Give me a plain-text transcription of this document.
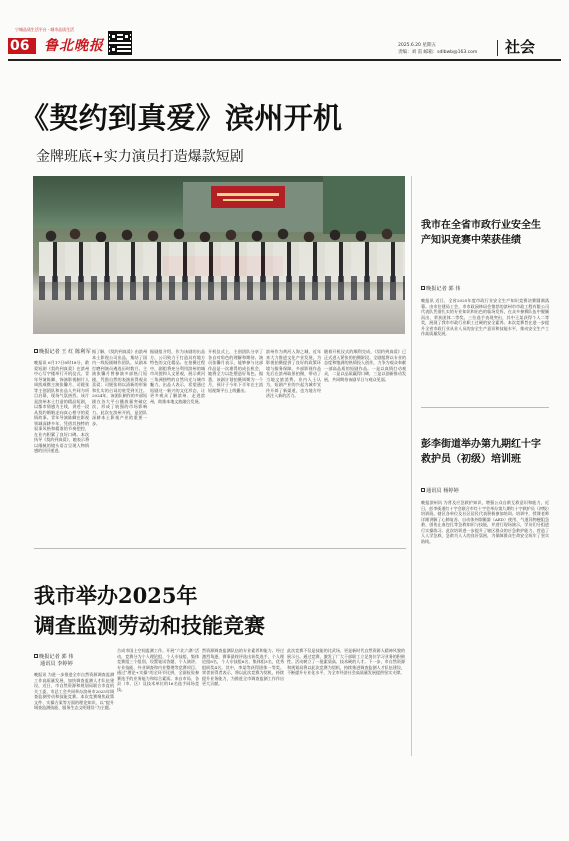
宁城品质生活平台 · 城市品质生活
06 鲁北晚报	2025.6.20 星期五
责编：刘 雷 邮箱：sdlbwb@163.com 社会
《契约到真爱》滨州开机
金牌班底+实力演员打造爆款短剧
晚报记者 王 红 陈利军
晚报讯 6月17日8时18分，敢爱短剧《契约到真爱》在滨州中心写字楼举行开机仪式。青年导演陈卿、饰演影视制片人周凯威携主演张馨月、司媛张等主创团队和出品人共同为项目启幕，现场气氛热烈。该片是滨州本土打造的精品短剧，以都市情感为主线，讲述一段从契约婚姻走向真心相守的爱情故事。青年导演陈卿在影视领域深耕多年，凭借其独特的叙事风格和精准的节奏把控，在业内积累了良好口碑。本次执导《契约到真爱》，她表示将以细腻的镜头语言呈现人物情感的层层递进。
据了解，《契约到真爱》由滨州本土影视公司出品，集结了国内一线短剧制作团队，从剧本打磨到演员遴选历时数月。主演张馨月曾参演多部热门短剧，凭借自然的表演获得观众喜爱；司媛张则以清新的形象和扎实的台词功底受到关注。2024年，该团队制作的多部短剧在各大平台播放量突破亿次，形成了较强的市场影响力。此次在滨州开机，是团队深耕本土影视产业的重要一步。
据剧组介绍，作为该剧的出品方，公司致力于打造具有地方特色的文化精品。在拍摄过程中，剧组将充分利用滨州的城市风貌和人文景观，展示黄河三角洲独特的自然风光与城市魅力。出品人表示，希望通过短剧这一新兴的文化形态，让更多观众了解滨州、走进滨州，助推本地文旅融合发展。
开机仪式上，主创团队分享了各自对角色的理解和期待。演员张馨月表示，能够参与这部作品是一次难得的成长机会，她将全力以赴塑造好角色。据悉，该剧计划拍摄周期为一个月，预计于今年下半年在主流短视频平台上线播出。
滨州作为黄河入海之城，近年来大力推进文化产业发展，为影视拍摄提供了良好的政策环境与服务保障。多部影视作品先后在滨州取景拍摄，带动了当地文旅消费。业内人士认为，短剧产业的兴起为城市宣传开辟了新渠道，也为地方经济注入新的活力。
随着开机仪式的顺利完成，《契约到真爱》已正式进入紧张的拍摄阶段。全剧组将以专业的态度和饱满的热情投入创作，力争为观众奉献一部高品质的短剧作品。一是以真情打动观众，二是以品质赢得口碑，三是以创新推动发展，共同期待该剧早日与观众见面。
我市在全省市政行业安全生产知识竞赛中荣获佳绩
晚报记者 郭 伟
晚报讯 近日，全省2025年度市政行业安全生产知识竞赛决赛圆满落幕。由市住建局工会、市市政园林局会推荐的滨州市市政工程有限公司代表队凭借扎实的专业知识和出色的临场发挥，在众多参赛队伍中脱颖而出，荣获团体二等奖。三位选手表现突出，其中王某获得个人二等奖，展现了我市市政行业职工过硬的安全素养。本次竞赛旨在进一步提升全省市政行业从业人员的安全生产意识和技能水平，推动安全生产工作高质量发展。
彭李街道举办第九期红十字救护员（初级）培训班
通讯员 杨婷婷
晚报滨州讯 为普及应急救护知识，增强公众自救互救意识和能力，近日，彭李街道红十字会联合市红十字会举办第九期红十字救护员（初级）培训班。辖区各单位及社区居民代表积极参加培训。培训中，授课老师详细讲解了心肺复苏、自动体外除颤器（AED）使用、气道异物梗阻急救、创伤止血包扎等急救知识与技能，并进行现场演示，学员们分组进行实操练习。此次培训进一步提升了辖区群众的应急救护能力，营造了人人学急救、急救为人人的良好氛围，为保障群众生命安全筑牢了坚实防线。
我市举办2025年
调查监测劳动和技能竞赛
晚报记者 郭 伟
通讯员 李婷婷
晚报讯 为进一步推进全市自然资源调查监测工作高质量发展，加快调查监测人才队伍建设，近日，市自然资源和规划局联合市直机关工委、市总工会共同举办滨州市2025年调查监测劳动和技能竞赛。本次竞赛聚焦政策文件、实操方案等方面的理论知识，以“提升调查监测技能、服务生态文明建设”为主题。
合成市国土空间监测工作。开展“六比六赛”活动，竞赛分为个人理论组、个人专技组、集体竞赛组三个组别，设置笔试答题、个人演讲、专业技能、外业调查和内业整理等竞赛项目。通过“理论+实操”的全环节比拼，全面检验参赛选手的业务能力和综合素质。来自市局、各县（市、区）及技术单位的16名选手同场竞技。
然资源调查监测队伍的专业素养和能力。经过激烈角逐，赛事最终评选出获奖选手，个人理论组8名，个人专技组6名，集体组3名，优秀组织奖4名。其中，李某等获得团体一等奖。荣誉获得者表示，将以此次竞赛为契机，持续提升业务能力，为推进全市调查监测工作作出更大贡献。
此次竞赛不仅是技能的比武场，更是新时代自然资源人精神风貌的展示台。通过竞赛，激发了广大干部职工立足岗位学习业务的积极性。活动树立了一批素质高、技术硬的人才。下一步，市自然资源和规划局将以此次竞赛为契机，持续推进调查监测人才队伍建设，不断提升专业化水平，为全市经济社会高质量发展提供坚实支撑。
